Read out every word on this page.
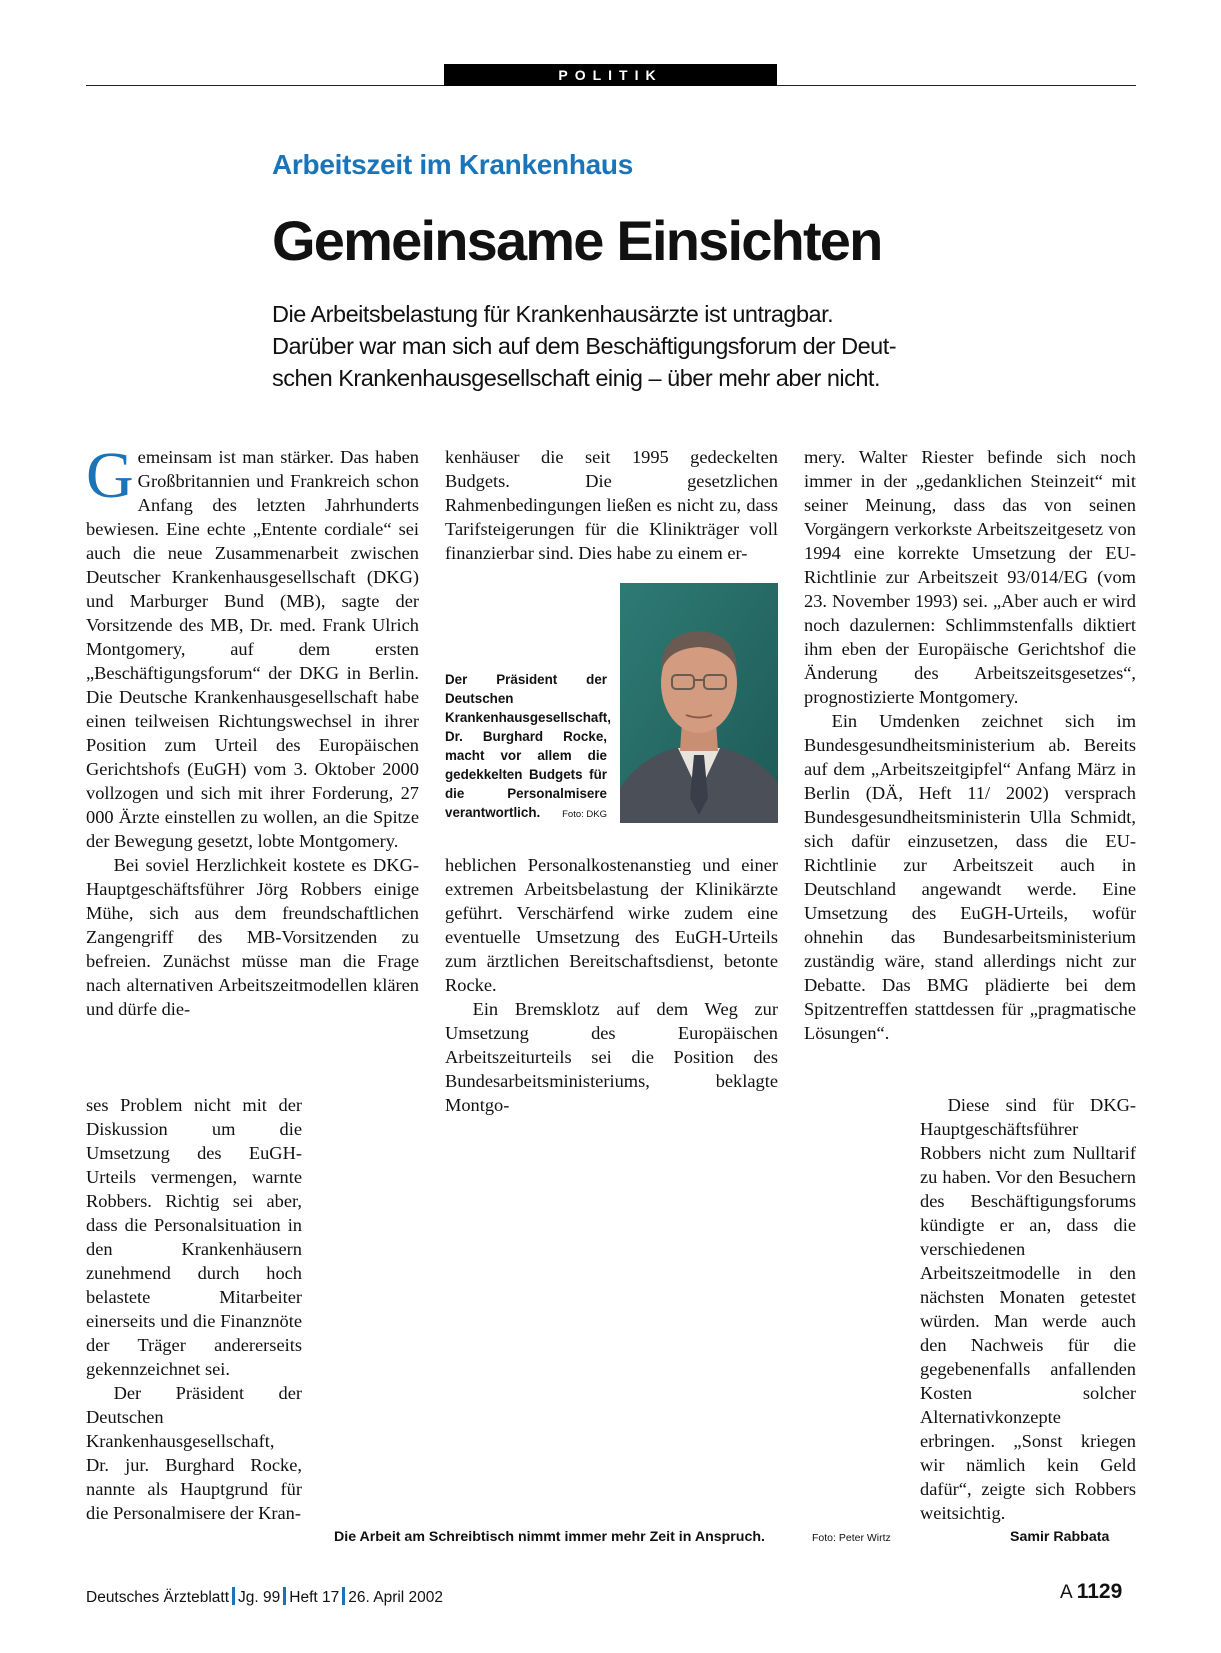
POLITIK
Arbeitszeit im Krankenhaus
Gemeinsame Einsichten
Die Arbeitsbelastung für Krankenhausärzte ist untragbar.
Darüber war man sich auf dem Beschäftigungsforum der Deut-
schen Krankenhausgesellschaft einig – über mehr aber nicht.

Gemeinsam ist man stärker. Das haben Großbritannien und Frankreich schon Anfang des letzten Jahrhunderts bewiesen. Eine echte „Entente cordiale“ sei auch die neue Zusammenarbeit zwischen Deutscher Krankenhausgesellschaft (DKG) und Marburger Bund (MB), sagte der Vorsitzende des MB, Dr. med. Frank Ulrich Montgomery, auf dem ersten „Beschäftigungsforum“ der DKG in Berlin. Die Deutsche Krankenhausgesellschaft habe einen teilweisen Richtungswechsel in ihrer Position zum Urteil des Europäischen Gerichtshofs (EuGH) vom 3. Oktober 2000 vollzogen und sich mit ihrer Forderung, 27 000 Ärzte einstellen zu wollen, an die Spitze der Bewegung gesetzt, lobte Montgomery.

Bei soviel Herzlichkeit kostete es DKG-Hauptgeschäftsführer Jörg Robbers einige Mühe, sich aus dem freundschaftlichen Zangengriff des MB-Vorsitzenden zu befreien. Zunächst müsse man die Frage nach alternativen Arbeitszeitmodellen klären und dürfe die-

ses Problem nicht mit der Diskussion um die Umsetzung des EuGH-Urteils vermengen, warnte Robbers. Richtig sei aber, dass die Personalsituation in den Krankenhäusern zunehmend durch hoch belastete Mitarbeiter einerseits und die Finanznöte der Träger andererseits gekennzeichnet sei.

Der Präsident der Deutschen Krankenhausgesellschaft, Dr. jur. Burghard Rocke, nannte als Hauptgrund für die Personalmisere der Kran-

kenhäuser die seit 1995 gedeckelten Budgets. Die gesetzlichen Rahmenbedingungen ließen es nicht zu, dass Tarifsteigerungen für die Klinikträger voll finanzierbar sind. Dies habe zu einem er-

Der Präsident der Deutschen Krankenhausgesellschaft, Dr. Burghard Rocke, macht vor allem die gedekkelten Budgets für die Personalmisere verantwortlich. Foto: DKG

heblichen Personalkostenanstieg und einer extremen Arbeitsbelastung der Klinikärzte geführt. Verschärfend wirke zudem eine eventuelle Umsetzung des EuGH-Urteils zum ärztlichen Bereitschaftsdienst, betonte Rocke.

Ein Bremsklotz auf dem Weg zur Umsetzung des Europäischen Arbeitszeiturteils sei die Position des Bundesarbeitsministeriums, beklagte Montgo-

mery. Walter Riester befinde sich noch immer in der „gedanklichen Steinzeit“ mit seiner Meinung, dass das von seinen Vorgängern verkorkste Arbeitszeitgesetz von 1994 eine korrekte Umsetzung der EU-Richtlinie zur Arbeitszeit 93/014/EG (vom 23. November 1993) sei. „Aber auch er wird noch dazulernen: Schlimmstenfalls diktiert ihm eben der Europäische Gerichtshof die Änderung des Arbeitszeitsgesetzes“, prognostizierte Montgomery.

Ein Umdenken zeichnet sich im Bundesgesundheitsministerium ab. Bereits auf dem „Arbeitszeitgipfel“ Anfang März in Berlin (DÄ, Heft 11/ 2002) versprach Bundesgesundheitsministerin Ulla Schmidt, sich dafür einzusetzen, dass die EU-Richtlinie zur Arbeitszeit auch in Deutschland angewandt werde. Eine Umsetzung des EuGH-Urteils, wofür ohnehin das Bundesarbeitsministerium zuständig wäre, stand allerdings nicht zur Debatte. Das BMG plädierte bei dem Spitzentreffen stattdessen für „pragmatische Lösungen“.

Diese sind für DKG-Hauptgeschäftsführer Robbers nicht zum Nulltarif zu haben. Vor den Besuchern des Beschäftigungsforums kündigte er an, dass die verschiedenen Arbeitszeitmodelle in den nächsten Monaten getestet würden. Man werde auch den Nachweis für die gegebenenfalls anfallenden Kosten solcher Alternativkonzepte erbringen. „Sonst kriegen wir nämlich kein Geld dafür“, zeigte sich Robbers weitsichtig.

Die Arbeit am Schreibtisch nimmt immer mehr Zeit in Anspruch.	Foto: Peter Wirtz	Samir Rabbata
Deutsches Ärzteblatt Jg. 99 Heft 17 26. April 2002	A 1129
